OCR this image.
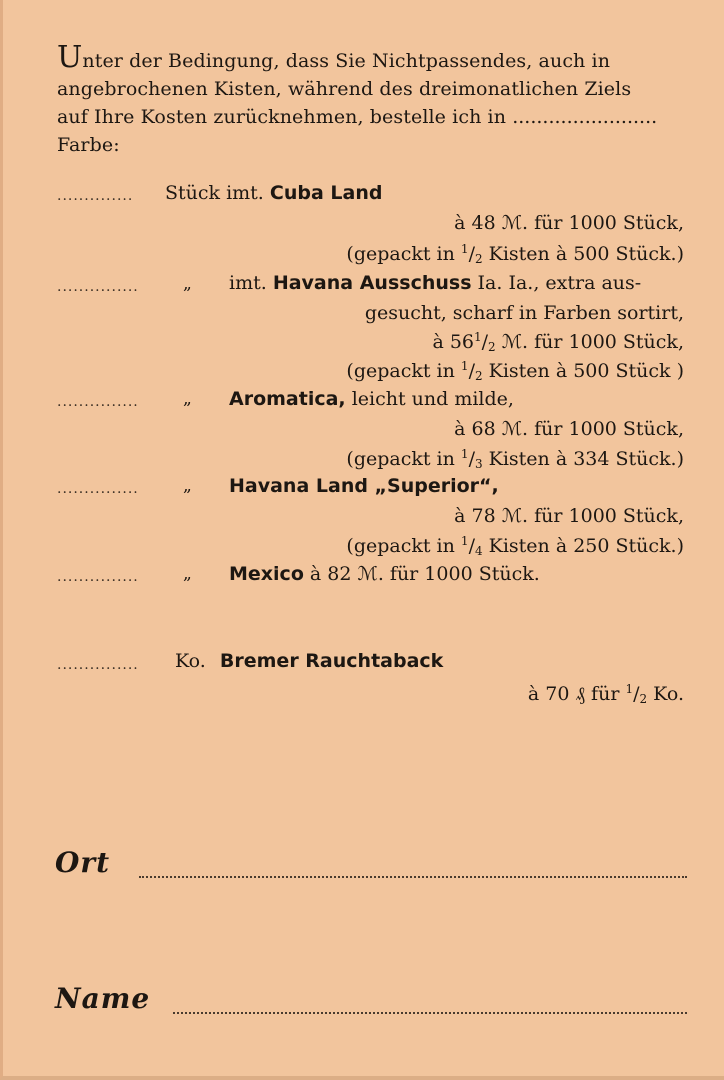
Unter der Bedingung, dass Sie Nichtpassendes, auch in
angebrochenen Kisten, während des dreimonatlichen Ziels
auf Ihre Kosten zurücknehmen, bestelle ich in ........................
Farbe:
.............. Stück imt. Cuba Land
à 48 ℳ. für 1000 Stück,
(gepackt in $^1/_2$ Kisten à 500 Stück.)
...............	„ imt. Havana Ausschuss Ia. Ia., extra aus-
gesucht, scharf in Farben sortirt,
à $56^1/_2$ ℳ. für 1000 Stück,
(gepackt in $^1/_2$ Kisten à 500 Stück )
...............	„ Aromatica, leicht und milde,
à 68 ℳ. für 1000 Stück,
(gepackt in $^1/_3$ Kisten à 334 Stück.)
...............	„ Havana Land „Superior“,
à 78 ℳ. für 1000 Stück,
(gepackt in $^1/_4$ Kisten à 250 Stück.)
...............	„ Mexico à 82 ℳ. für 1000 Stück.
............... Ko. Bremer Rauchtaback
à 70 ₰ für $^1/_2$ Ko.
Ort
Name
